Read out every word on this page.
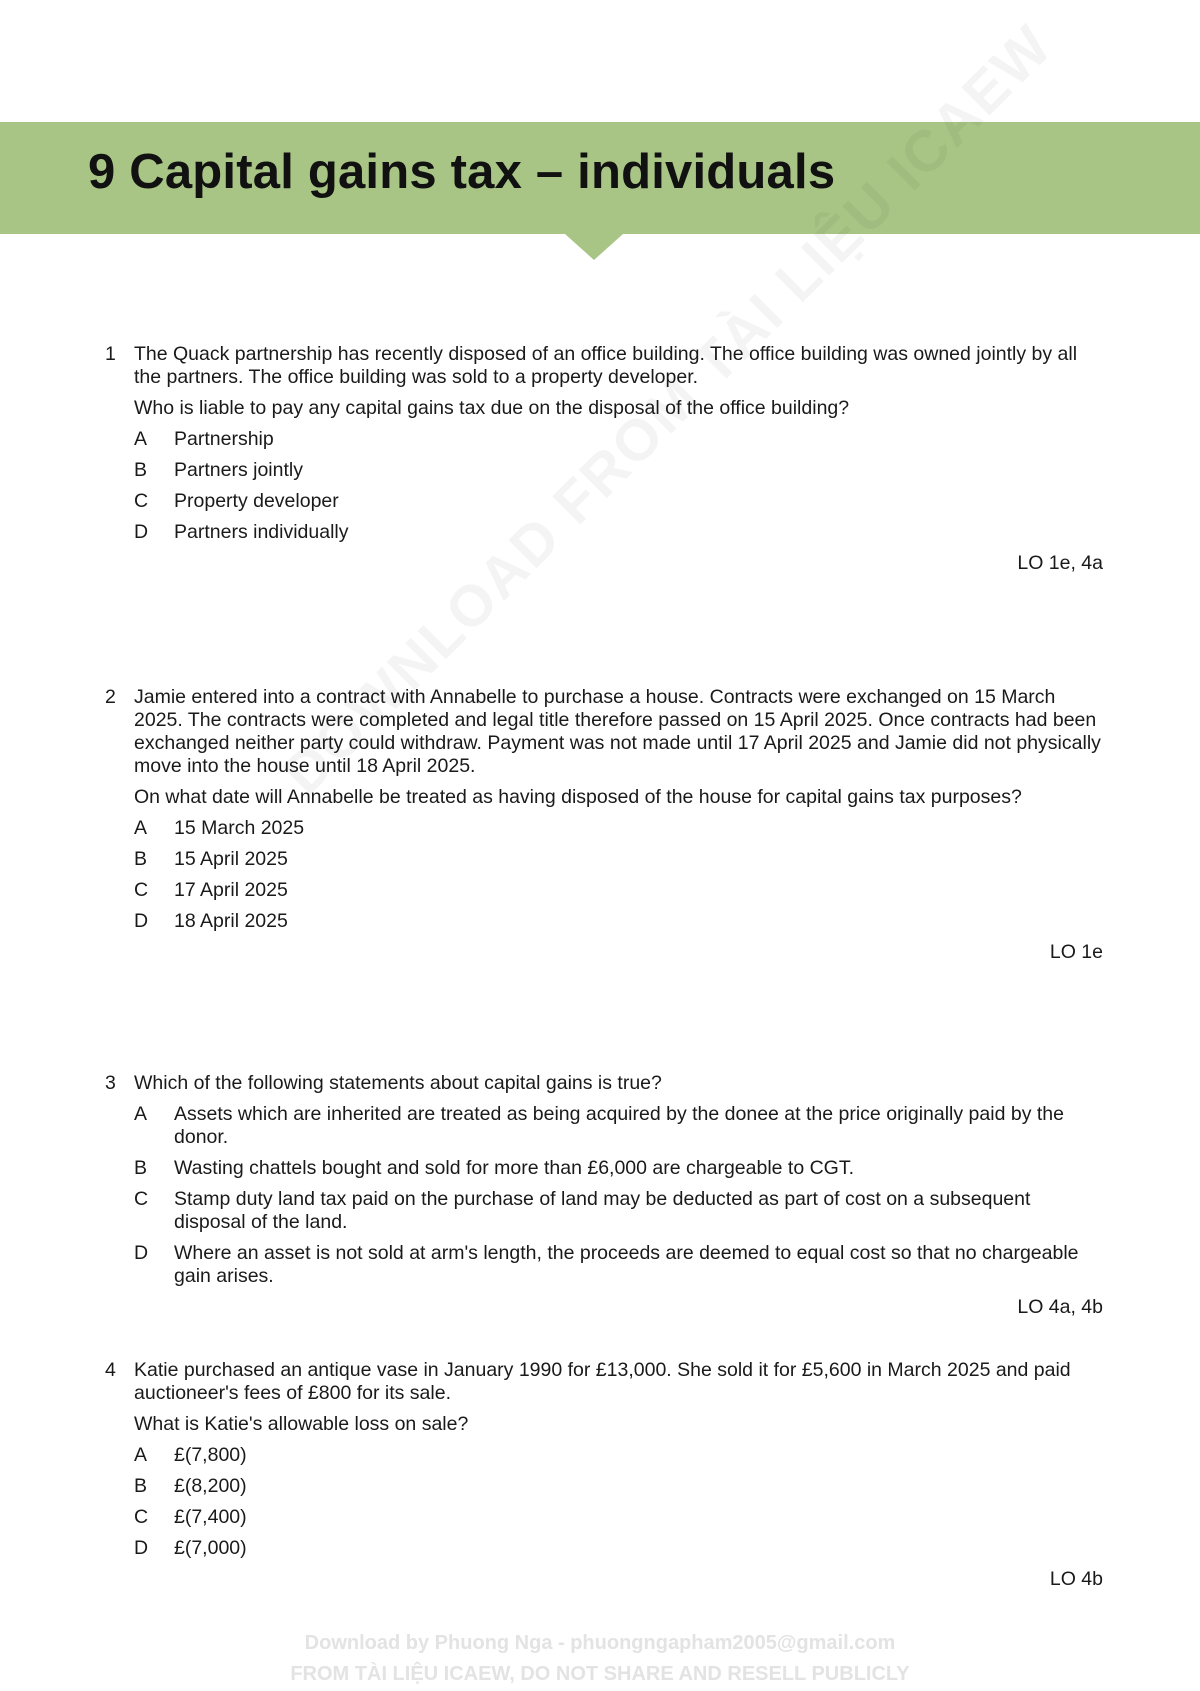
9 Capital gains tax – individuals
1 The Quack partnership has recently disposed of an office building. The office building was owned jointly by all the partners. The office building was sold to a property developer.

Who is liable to pay any capital gains tax due on the disposal of the office building?

A	Partnership
B	Partners jointly
C	Property developer
D	Partners individually
LO 1e, 4a
2 Jamie entered into a contract with Annabelle to purchase a house. Contracts were exchanged on 15 March 2025. The contracts were completed and legal title therefore passed on 15 April 2025. Once contracts had been exchanged neither party could withdraw. Payment was not made until 17 April 2025 and Jamie did not physically move into the house until 18 April 2025.

On what date will Annabelle be treated as having disposed of the house for capital gains tax purposes?

A	15 March 2025
B	15 April 2025
C	17 April 2025
D	18 April 2025
LO 1e
3 Which of the following statements about capital gains is true?

A	Assets which are inherited are treated as being acquired by the donee at the price originally paid by the donor.
B	Wasting chattels bought and sold for more than £6,000 are chargeable to CGT.
C	Stamp duty land tax paid on the purchase of land may be deducted as part of cost on a subsequent disposal of the land.
D	Where an asset is not sold at arm's length, the proceeds are deemed to equal cost so that no chargeable gain arises.
LO 4a, 4b
4 Katie purchased an antique vase in January 1990 for £13,000. She sold it for £5,600 in March 2025 and paid auctioneer's fees of £800 for its sale.

What is Katie's allowable loss on sale?

A	£(7,800)
B	£(8,200)
C	£(7,400)
D	£(7,000)
LO 4b
Download by Phuong Nga - phuongngapham2005@gmail.com
FROM TÀI LIỆU ICAEW, DO NOT SHARE AND RESELL PUBLICLY
